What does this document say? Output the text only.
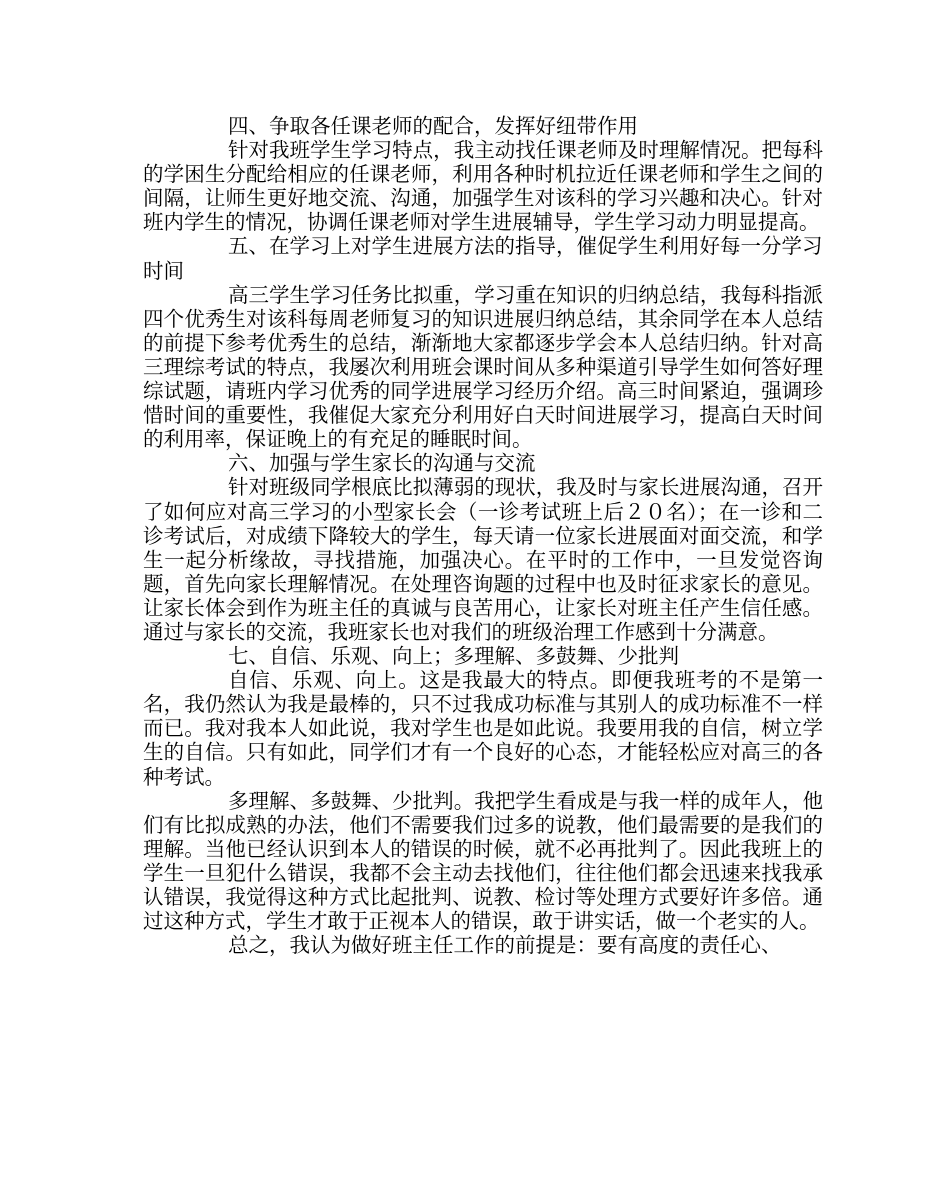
四、争取各任课老师的配合，发挥好纽带作用

针对我班学生学习特点，我主动找任课老师及时理解情况。把每科的学困生分配给相应的任课老师，利用各种时机拉近任课老师和学生之间的间隔，让师生更好地交流、沟通，加强学生对该科的学习兴趣和决心。针对班内学生的情况，协调任课老师对学生进展辅导，学生学习动力明显提高。

五、在学习上对学生进展方法的指导，催促学生利用好每一分学习时间

高三学生学习任务比拟重，学习重在知识的归纳总结，我每科指派四个优秀生对该科每周老师复习的知识进展归纳总结，其余同学在本人总结的前提下参考优秀生的总结，渐渐地大家都逐步学会本人总结归纳。针对高三理综考试的特点，我屡次利用班会课时间从多种渠道引导学生如何答好理综试题，请班内学习优秀的同学进展学习经历介绍。高三时间紧迫，强调珍惜时间的重要性，我催促大家充分利用好白天时间进展学习，提高白天时间的利用率，保证晚上的有充足的睡眠时间。

六、加强与学生家长的沟通与交流

针对班级同学根底比拟薄弱的现状，我及时与家长进展沟通，召开了如何应对高三学习的小型家长会（一诊考试班上后２０名）；在一诊和二诊考试后，对成绩下降较大的学生，每天请一位家长进展面对面交流，和学生一起分析缘故，寻找措施，加强决心。在平时的工作中，一旦发觉咨询题，首先向家长理解情况。在处理咨询题的过程中也及时征求家长的意见。让家长体会到作为班主任的真诚与良苦用心，让家长对班主任产生信任感。通过与家长的交流，我班家长也对我们的班级治理工作感到十分满意。

七、自信、乐观、向上；多理解、多鼓舞、少批判

自信、乐观、向上。这是我最大的特点。即便我班考的不是第一名，我仍然认为我是最棒的，只不过我成功标准与其别人的成功标准不一样而已。我对我本人如此说，我对学生也是如此说。我要用我的自信，树立学生的自信。只有如此，同学们才有一个良好的心态，才能轻松应对高三的各种考试。

多理解、多鼓舞、少批判。我把学生看成是与我一样的成年人，他们有比拟成熟的办法，他们不需要我们过多的说教，他们最需要的是我们的理解。当他已经认识到本人的错误的时候，就不必再批判了。因此我班上的学生一旦犯什么错误，我都不会主动去找他们，往往他们都会迅速来找我承认错误，我觉得这种方式比起批判、说教、检讨等处理方式要好许多倍。通过这种方式，学生才敢于正视本人的错误，敢于讲实话，做一个老实的人。

总之，我认为做好班主任工作的前提是：要有高度的责任心、
